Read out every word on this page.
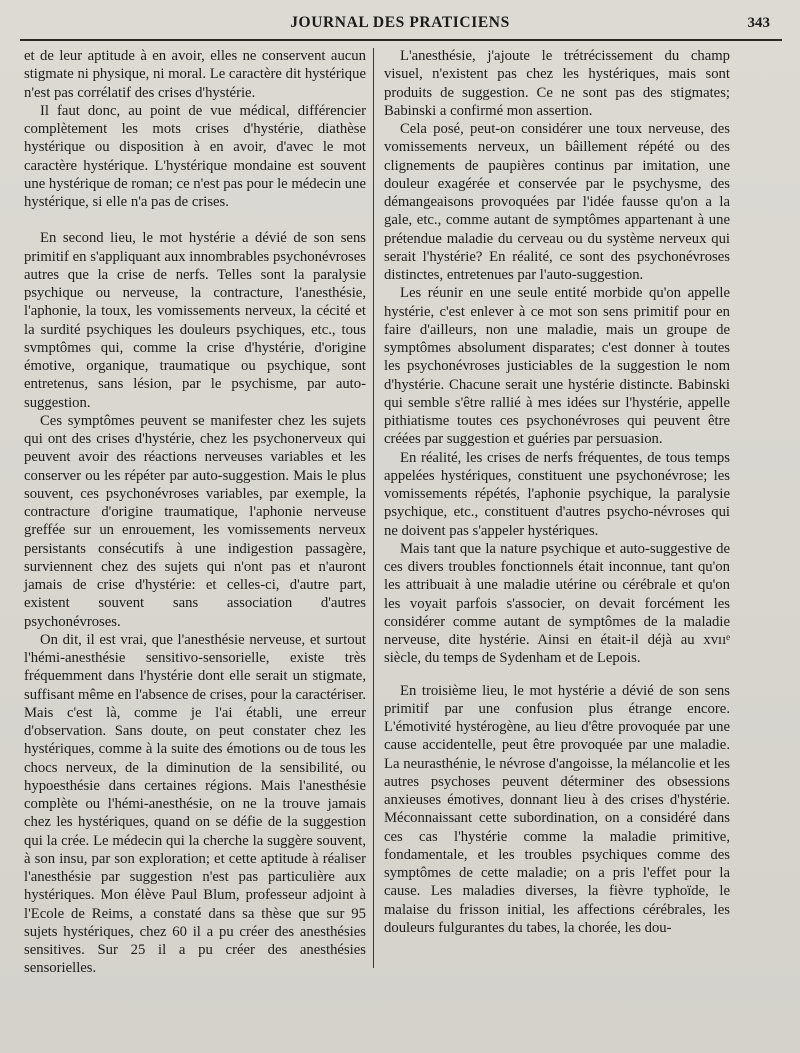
JOURNAL DES PRATICIENS	343

et de leur aptitude à en avoir, elles ne conservent aucun stigmate ni physique, ni moral. Le caractère dit hystérique n'est pas corrélatif des crises d'hystérie.

Il faut donc, au point de vue médical, différencier complètement les mots crises d'hystérie, diathèse hystérique ou disposition à en avoir, d'avec le mot caractère hystérique. L'hystérique mondaine est souvent une hystérique de roman; ce n'est pas pour le médecin une hystérique, si elle n'a pas de crises.

En second lieu, le mot hystérie a dévié de son sens primitif en s'appliquant aux innombrables psychonévroses autres que la crise de nerfs. Telles sont la paralysie psychique ou nerveuse, la contracture, l'anesthésie, l'aphonie, la toux, les vomissements nerveux, la cécité et la surdité psychiques les douleurs psychiques, etc., tous svmptômes qui, comme la crise d'hystérie, d'origine émotive, organique, traumatique ou psychique, sont entretenus, sans lésion, par le psychisme, par auto-suggestion.

Ces symptômes peuvent se manifester chez les sujets qui ont des crises d'hystérie, chez les psychonerveux qui peuvent avoir des réactions nerveuses variables et les conserver ou les répéter par auto-suggestion. Mais le plus souvent, ces psychonévroses variables, par exemple, la contracture d'origine traumatique, l'aphonie nerveuse greffée sur un enrouement, les vomissements nerveux persistants consécutifs à une indigestion passagère, surviennent chez des sujets qui n'ont pas et n'auront jamais de crise d'hystérie: et celles-ci, d'autre part, existent souvent sans association d'autres psychonévroses.

On dit, il est vrai, que l'anesthésie nerveuse, et surtout l'hémi-anesthésie sensitivo-sensorielle, existe très fréquemment dans l'hystérie dont elle serait un stigmate, suffisant même en l'absence de crises, pour la caractériser. Mais c'est là, comme je l'ai établi, une erreur d'observation. Sans doute, on peut constater chez les hystériques, comme à la suite des émotions ou de tous les chocs nerveux, de la diminution de la sensibilité, ou hypoesthésie dans certaines régions. Mais l'anesthésie complète ou l'hémi-anesthésie, on ne la trouve jamais chez les hystériques, quand on se défie de la suggestion qui la crée. Le médecin qui la cherche la suggère souvent, à son insu, par son exploration; et cette aptitude à réaliser l'anesthésie par suggestion n'est pas particulière aux hystériques. Mon élève Paul Blum, professeur adjoint à l'Ecole de Reims, a constaté dans sa thèse que sur 95 sujets hystériques, chez 60 il a pu créer des anesthésies sensitives. Sur 25 il a pu créer des anesthésies sensorielles.

L'anesthésie, j'ajoute le trétrécissement du champ visuel, n'existent pas chez les hystériques, mais sont produits de suggestion. Ce ne sont pas des stigmates; Babinski a confirmé mon assertion.

Cela posé, peut-on considérer une toux nerveuse, des vomissements nerveux, un bâillement répété ou des clignements de paupières continus par imitation, une douleur exagérée et conservée par le psychysme, des démangeaisons provoquées par l'idée fausse qu'on a la gale, etc., comme autant de symptômes appartenant à une prétendue maladie du cerveau ou du système nerveux qui serait l'hystérie? En réalité, ce sont des psychonévroses distinctes, entretenues par l'auto-suggestion.

Les réunir en une seule entité morbide qu'on appelle hystérie, c'est enlever à ce mot son sens primitif pour en faire d'ailleurs, non une maladie, mais un groupe de symptômes absolument disparates; c'est donner à toutes les psychonévroses justiciables de la suggestion le nom d'hystérie. Chacune serait une hystérie distincte. Babinski qui semble s'être rallié à mes idées sur l'hystérie, appelle pithiatisme toutes ces psychonévroses qui peuvent être créées par suggestion et guéries par persuasion.

En réalité, les crises de nerfs fréquentes, de tous temps appelées hystériques, constituent une psychonévrose; les vomissements répétés, l'aphonie psychique, la paralysie psychique, etc., constituent d'autres psycho-névroses qui ne doivent pas s'appeler hystériques.

Mais tant que la nature psychique et auto-suggestive de ces divers troubles fonctionnels était inconnue, tant qu'on les attribuait à une maladie utérine ou cérébrale et qu'on les voyait parfois s'associer, on devait forcément les considérer comme autant de symptômes de la maladie nerveuse, dite hystérie. Ainsi en était-il déjà au xvııᵉ siècle, du temps de Sydenham et de Lepois.

En troisième lieu, le mot hystérie a dévié de son sens primitif par une confusion plus étrange encore. L'émotivité hystérogène, au lieu d'être provoquée par une cause accidentelle, peut être provoquée par une maladie. La neurasthénie, le névrose d'angoisse, la mélancolie et les autres psychoses peuvent déterminer des obsessions anxieuses émotives, donnant lieu à des crises d'hystérie. Méconnaissant cette subordination, on a considéré dans ces cas l'hystérie comme la maladie primitive, fondamentale, et les troubles psychiques comme des symptômes de cette maladie; on a pris l'effet pour la cause. Les maladies diverses, la fièvre typhoïde, le malaise du frisson initial, les affections cérébrales, les douleurs fulgurantes du tabes, la chorée, les dou-
